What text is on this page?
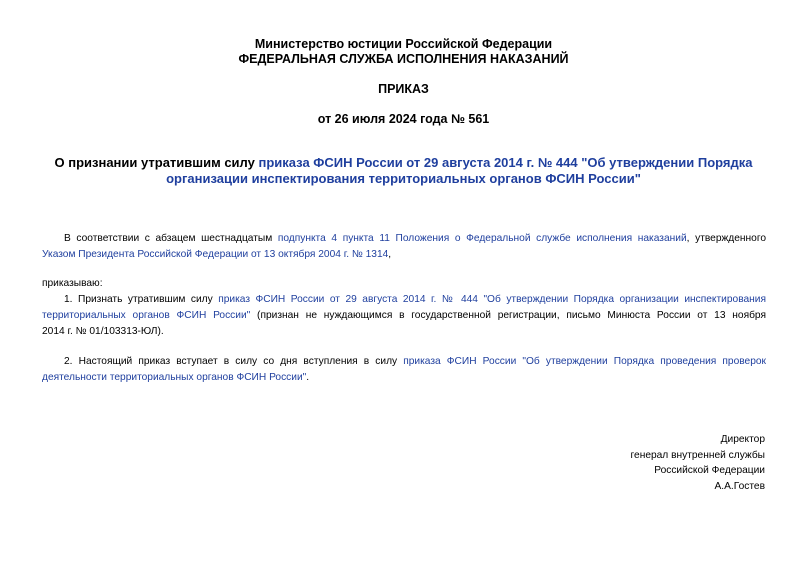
Министерство юстиции Российской Федерации
ФЕДЕРАЛЬНАЯ СЛУЖБА ИСПОЛНЕНИЯ НАКАЗАНИЙ
ПРИКАЗ
от 26 июля 2024 года № 561
О признании утратившим силу приказа ФСИН России от 29 августа 2014 г. № 444 "Об утверждении Порядка
организации инспектирования территориальных органов ФСИН России"
В соответствии с абзацем шестнадцатым подпункта 4 пункта 11 Положения о Федеральной службе исполнения наказаний, утвержденного
Указом Президента Российской Федерации от 13 октября 2004 г. № 1314,
приказываю:
1. Признать утратившим силу приказ ФСИН России от 29 августа 2014 г. № 444 "Об утверждении Порядка организации инспектирования
территориальных органов ФСИН России" (признан не нуждающимся в государственной регистрации, письмо Минюста России от 13 ноября
2014 г. № 01/103313-ЮЛ).
2. Настоящий приказ вступает в силу со дня вступления в силу приказа ФСИН России "Об утверждении Порядка проведения проверок
деятельности территориальных органов ФСИН России".
Директор
генерал внутренней службы
Российской Федерации
А.А.Гостев
